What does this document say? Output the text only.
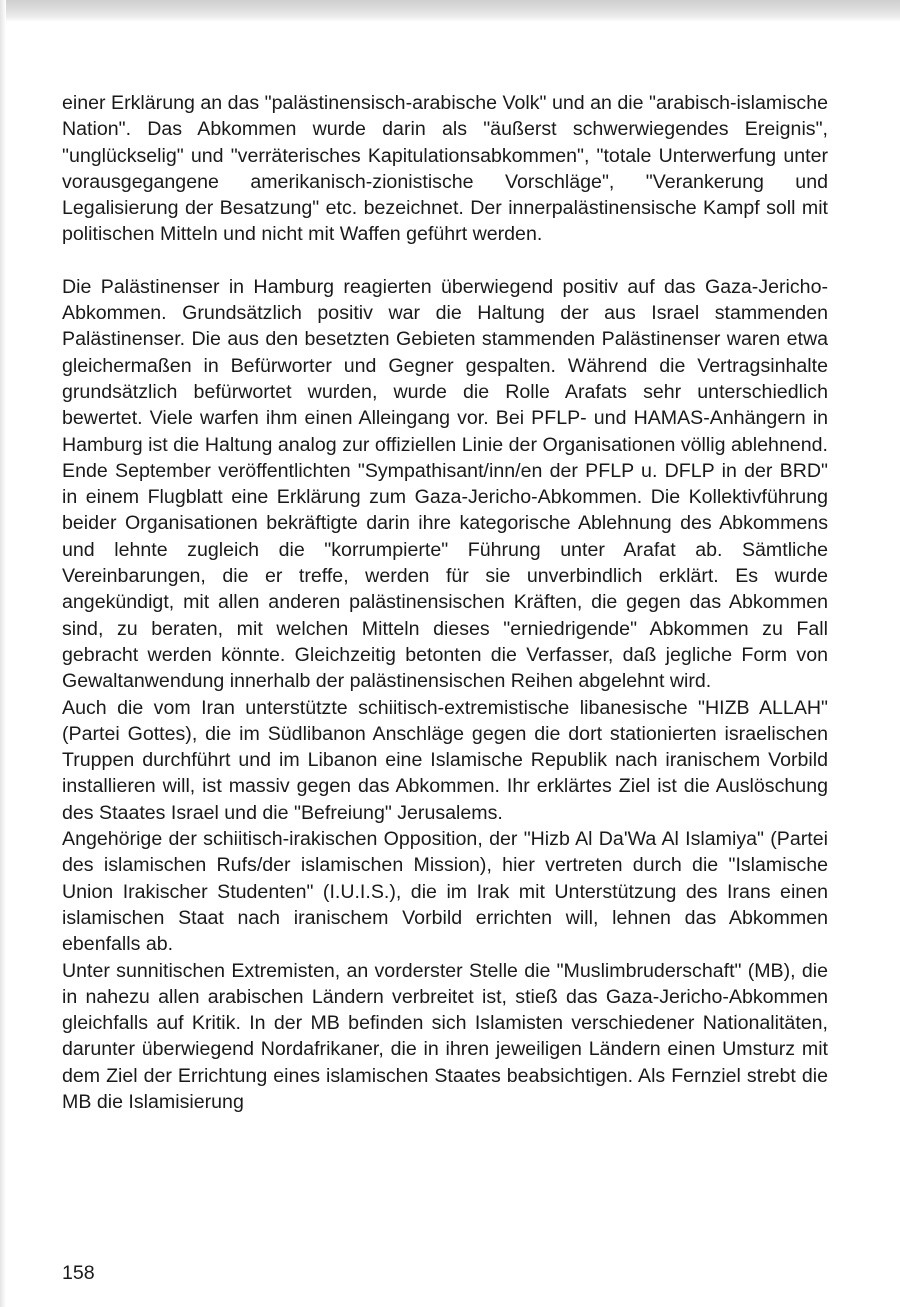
einer Erklärung an das "palästinensisch-arabische Volk" und an die "arabisch-islamische Nation". Das Abkommen wurde darin als "äußerst schwerwiegendes Ereignis", "unglückselig" und "verräterisches Kapitulationsabkommen", "totale Unterwerfung unter vorausgegangene amerikanisch-zionistische Vorschläge", "Verankerung und Legalisierung der Besatzung" etc. bezeichnet. Der innerpalästinensische Kampf soll mit politischen Mitteln und nicht mit Waffen geführt werden.

Die Palästinenser in Hamburg reagierten überwiegend positiv auf das Gaza-Jericho-Abkommen. Grundsätzlich positiv war die Haltung der aus Israel stammenden Palästinenser. Die aus den besetzten Gebieten stammenden Palästinenser waren etwa gleichermaßen in Befürworter und Gegner gespalten. Während die Vertragsinhalte grundsätzlich befürwortet wurden, wurde die Rolle Arafats sehr unterschiedlich bewertet. Viele warfen ihm einen Alleingang vor. Bei PFLP- und HAMAS-Anhängern in Hamburg ist die Haltung analog zur offiziellen Linie der Organisationen völlig ablehnend. Ende September veröffentlichten "Sympathisant/inn/en der PFLP u. DFLP in der BRD" in einem Flugblatt eine Erklärung zum Gaza-Jericho-Abkommen. Die Kollektivführung beider Organisationen bekräftigte darin ihre kategorische Ablehnung des Abkommens und lehnte zugleich die "korrumpierte" Führung unter Arafat ab. Sämtliche Vereinbarungen, die er treffe, werden für sie unverbindlich erklärt. Es wurde angekündigt, mit allen anderen palästinensischen Kräften, die gegen das Abkommen sind, zu beraten, mit welchen Mitteln dieses "erniedrigende" Abkommen zu Fall gebracht werden könnte. Gleichzeitig betonten die Verfasser, daß jegliche Form von Gewaltanwendung innerhalb der palästinensischen Reihen abgelehnt wird.

Auch die vom Iran unterstützte schiitisch-extremistische libanesische "HIZB ALLAH" (Partei Gottes), die im Südlibanon Anschläge gegen die dort stationierten israelischen Truppen durchführt und im Libanon eine Islamische Republik nach iranischem Vorbild installieren will, ist massiv gegen das Abkommen. Ihr erklärtes Ziel ist die Auslöschung des Staates Israel und die "Befreiung" Jerusalems.

Angehörige der schiitisch-irakischen Opposition, der "Hizb Al Da'Wa Al Islamiya" (Partei des islamischen Rufs/der islamischen Mission), hier vertreten durch die "Islamische Union Irakischer Studenten" (I.U.I.S.), die im Irak mit Unterstützung des Irans einen islamischen Staat nach iranischem Vorbild errichten will, lehnen das Abkommen ebenfalls ab.

Unter sunnitischen Extremisten, an vorderster Stelle die "Muslimbruderschaft" (MB), die in nahezu allen arabischen Ländern verbreitet ist, stieß das Gaza-Jericho-Abkommen gleichfalls auf Kritik. In der MB befinden sich Islamisten verschiedener Nationalitäten, darunter überwiegend Nordafrikaner, die in ihren jeweiligen Ländern einen Umsturz mit dem Ziel der Errichtung eines islamischen Staates beabsichtigen. Als Fernziel strebt die MB die Islamisierung

158
